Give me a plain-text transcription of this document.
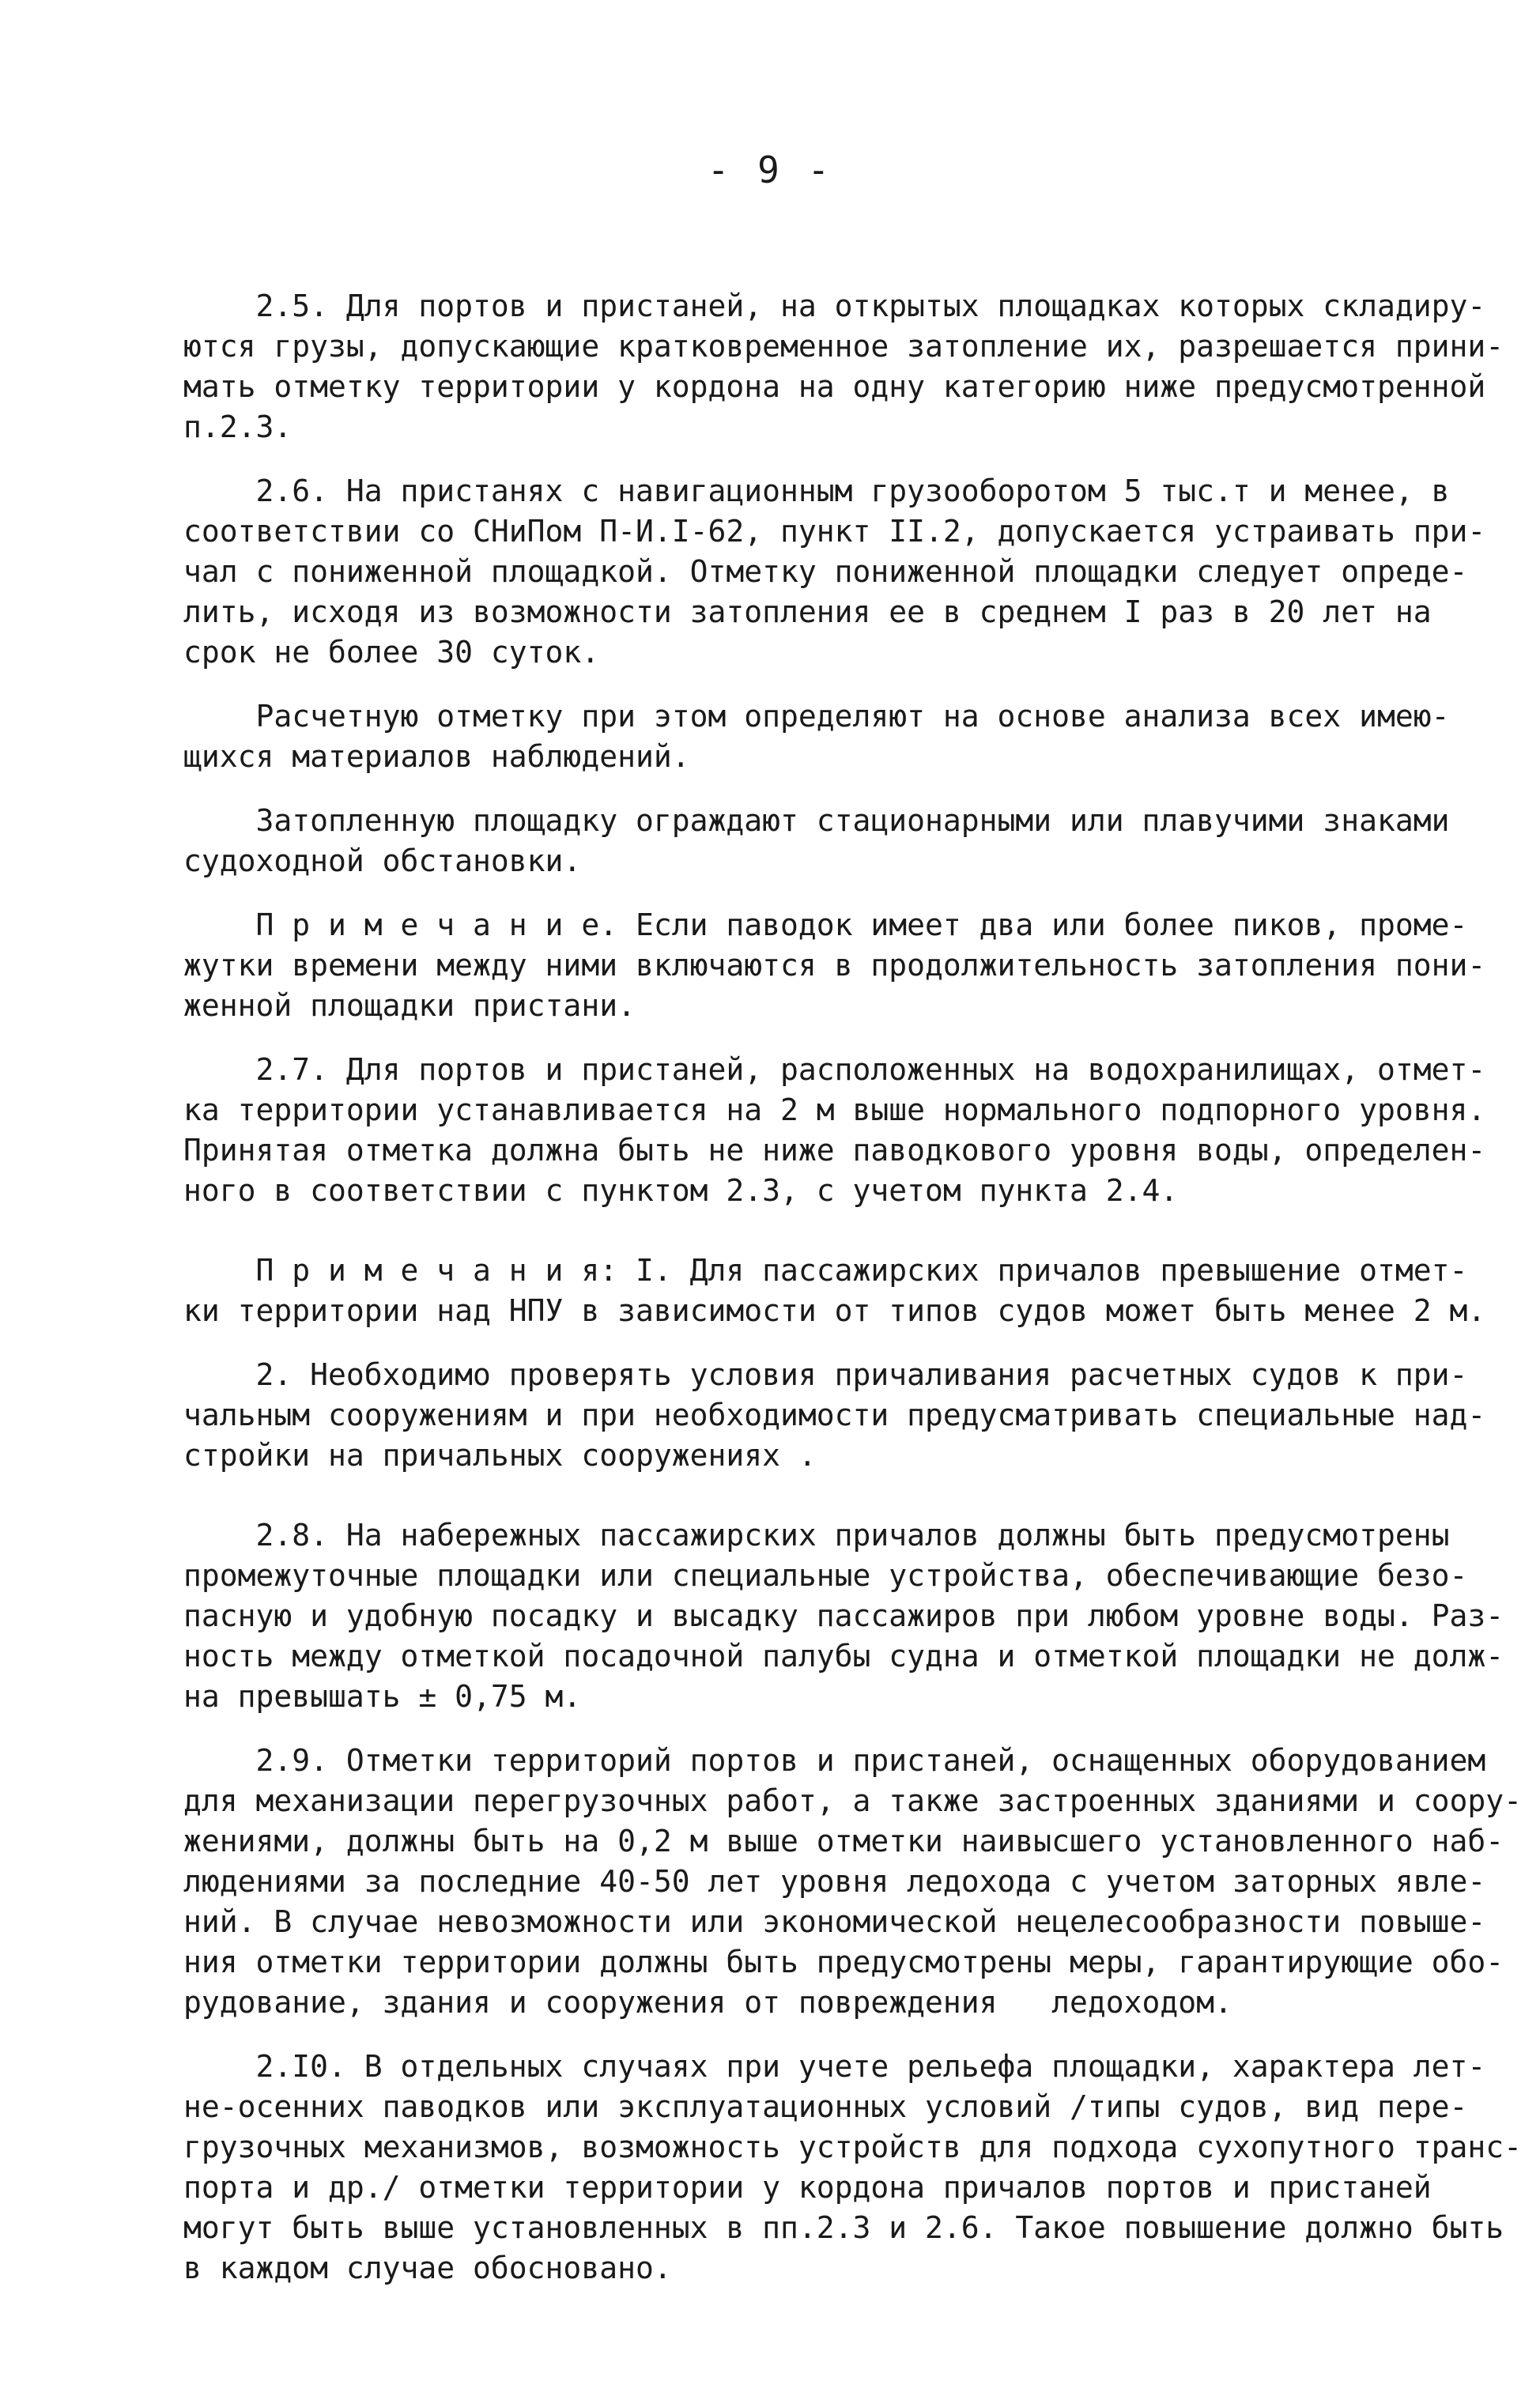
- 9 -
2.5. Для портов и пристаней, на открытых площадках которых складиру-
ются грузы, допускающие кратковременное затопление их, разрешается прини-
мать отметку территории у кордона на одну категорию ниже предусмотренной
п.2.3.
2.6. На пристанях с навигационным грузооборотом 5 тыс.т и менее, в
соответствии со СНиПом П-И.I-62, пункт II.2, допускается устраивать при-
чал с пониженной площадкой. Отметку пониженной площадки следует опреде-
лить, исходя из возможности затопления ее в среднем I раз в 20 лет на
срок не более 30 суток.
Расчетную отметку при этом определяют на основе анализа всех имею-
щихся материалов наблюдений.
Затопленную площадку ограждают стационарными или плавучими знаками
судоходной обстановки.
П р и м е ч а н и е. Если паводок имеет два или более пиков, проме-
жутки времени между ними включаются в продолжительность затопления пони-
женной площадки пристани.
2.7. Для портов и пристаней, расположенных на водохранилищах, отмет-
ка территории устанавливается на 2 м выше нормального подпорного уровня.
Принятая отметка должна быть не ниже паводкового уровня воды, определен-
ного в соответствии с пунктом 2.3, с учетом пункта 2.4.
П р и м е ч а н и я: I. Для пассажирских причалов превышение отмет-
ки территории над НПУ в зависимости от типов судов может быть менее 2 м.
2. Необходимо проверять условия причаливания расчетных судов к при-
чальным сооружениям и при необходимости предусматривать специальные над-
стройки на причальных сооружениях .
2.8. На набережных пассажирских причалов должны быть предусмотрены
промежуточные площадки или специальные устройства, обеспечивающие безо-
пасную и удобную посадку и высадку пассажиров при любом уровне воды. Раз-
ность между отметкой посадочной палубы судна и отметкой площадки не долж-
на превышать ± 0,75 м.
2.9. Отметки территорий портов и пристаней, оснащенных оборудованием
для механизации перегрузочных работ, а также застроенных зданиями и соору-
жениями, должны быть на 0,2 м выше отметки наивысшего установленного наб-
людениями за последние 40-50 лет уровня ледохода с учетом заторных явле-
ний. В случае невозможности или экономической нецелесообразности повыше-
ния отметки территории должны быть предусмотрены меры, гарантирующие обо-
рудование, здания и сооружения от повреждения   ледоходом.
2.I0. В отдельных случаях при учете рельефа площадки, характера лет-
не-осенних паводков или эксплуатационных условий /типы судов, вид пере-
грузочных механизмов, возможность устройств для подхода сухопутного транс-
порта и др./ отметки территории у кордона причалов портов и пристаней
могут быть выше установленных в пп.2.3 и 2.6. Такое повышение должно быть
в каждом случае обосновано.
